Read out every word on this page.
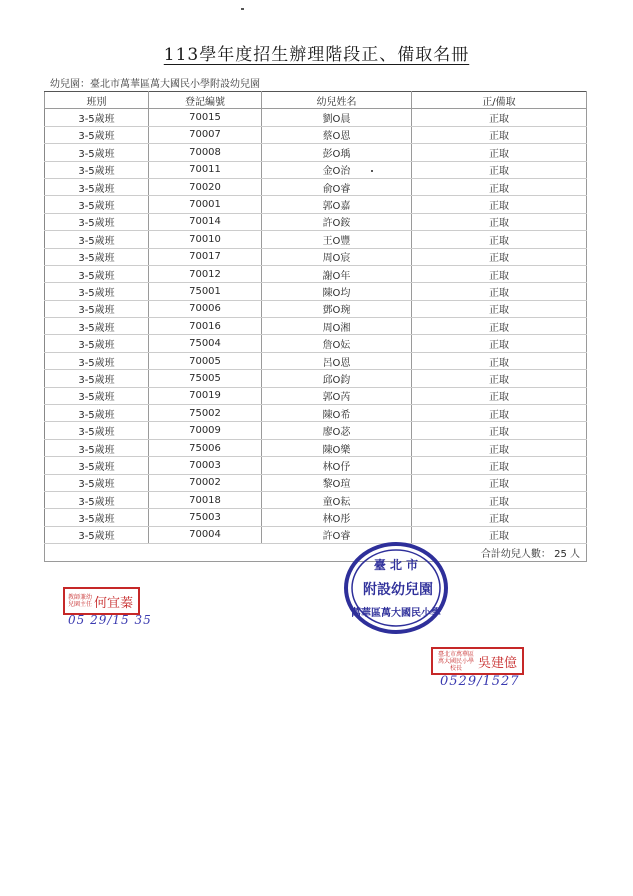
113學年度招生辦理階段正、備取名冊
幼兒園：臺北市萬華區萬大國民小學附設幼兒園
班別	登記編號	幼兒姓名	正/備取
3-5歲班	70015	劉O晨	正取
3-5歲班	70007	蔡O恩	正取
3-5歲班	70008	彭O瑀	正取
3-5歲班	70011	金O治	正取
3-5歲班	70020	俞O睿	正取
3-5歲班	70001	郭O嘉	正取
3-5歲班	70014	許O銨	正取
3-5歲班	70010	王O豐	正取
3-5歲班	70017	周O宸	正取
3-5歲班	70012	謝O年	正取
3-5歲班	75001	陳O均	正取
3-5歲班	70006	鄧O琬	正取
3-5歲班	70016	周O湘	正取
3-5歲班	75004	詹O妘	正取
3-5歲班	70005	呂O恩	正取
3-5歲班	75005	邱O鈞	正取
3-5歲班	70019	郭O芮	正取
3-5歲班	75002	陳O希	正取
3-5歲班	70009	廖O苾	正取
3-5歲班	75006	陳O樂	正取
3-5歲班	70003	林O伃	正取
3-5歲班	70002	黎O瑄	正取
3-5歲班	70018	童O耘	正取
3-5歲班	75003	林O彤	正取
3-5歲班	70004	許O睿	正取
合計幼兒人數： 25 人			
教師兼幼兒園主任 何宜蓁
05 29/15 35
臺 北 市
附設幼兒園
萬華區萬大國民小學
臺北市萬華區萬大國民小學校長	吳建億
0529/1527
